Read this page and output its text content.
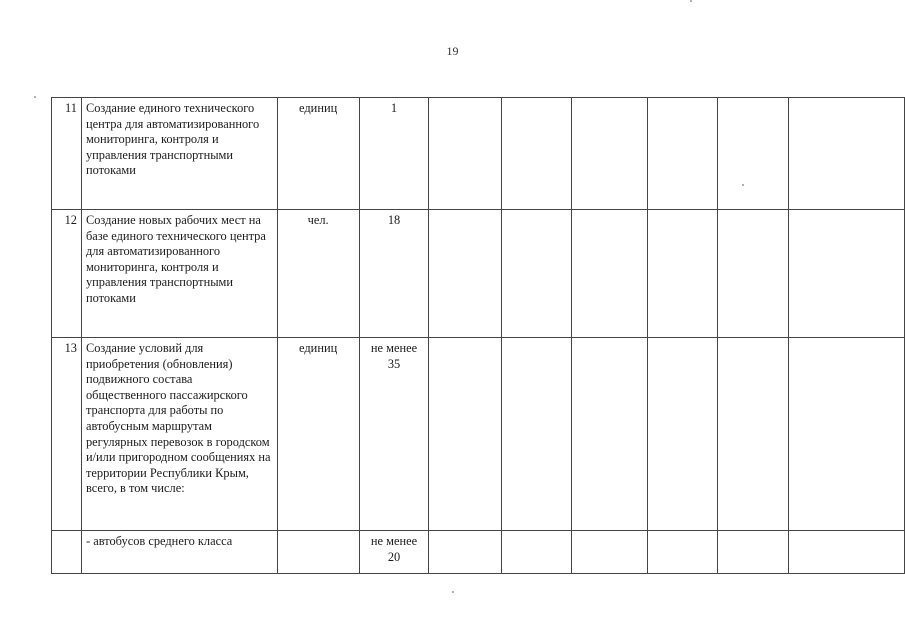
19
11	Создание единого технического центра для автоматизированного мониторинга, контроля и управления транспортными потоками	единиц	1						
12	Создание новых рабочих мест на базе единого технического центра для автоматизированного мониторинга, контроля и управления транспортными потоками	чел.	18						
13	Создание условий для приобретения (обновления) подвижного состава общественного пассажирского транспорта для работы по автобусным маршрутам регулярных перевозок в городском и/или пригородном сообщениях на территории Республики Крым, всего, в том числе:	единиц	не менее 35						
	- автобусов среднего класса		не менее 20						
